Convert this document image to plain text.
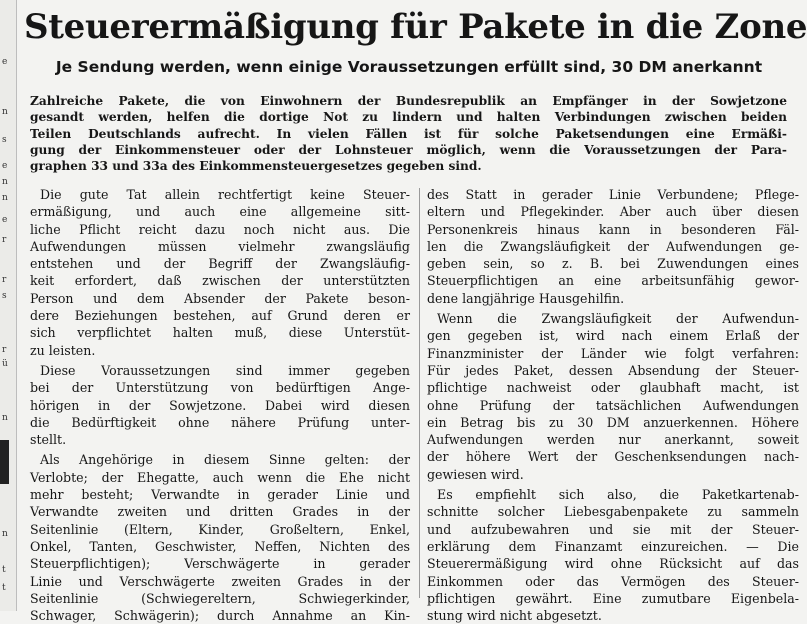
e
n
s
e
n
n
e
r
r
s
r
ü
n
n
t
t
Steuerermäßigung für Pakete in die Zone
Je Sendung werden, wenn einige Voraussetzungen erfüllt sind, 30 DM anerkannt
Zahlreiche Pakete, die von Einwohnern der Bundesrepublik an Empfänger in der Sowjetzone
gesandt werden, helfen die dortige Not zu lindern und halten Verbindungen zwischen beiden
Teilen Deutschlands aufrecht. In vielen Fällen ist für solche Paketsendungen eine Ermäßi-
gung der Einkommensteuer oder der Lohnsteuer möglich, wenn die Voraussetzungen der Para-
graphen 33 und 33a des Einkommensteuergesetzes gegeben sind.
Die gute Tat allein rechtfertigt keine Steuer-
ermäßigung, und auch eine allgemeine sitt-
liche Pflicht reicht dazu noch nicht aus. Die
Aufwendungen müssen vielmehr zwangsläufig
entstehen und der Begriff der Zwangsläufig-
keit erfordert, daß zwischen der unterstützten
Person und dem Absender der Pakete beson-
dere Beziehungen bestehen, auf Grund deren er
sich verpflichtet halten muß, diese Unterstüt-
zu leisten.
Diese Voraussetzungen sind immer gegeben
bei der Unterstützung von bedürftigen Ange-
hörigen in der Sowjetzone. Dabei wird diesen
die Bedürftigkeit ohne nähere Prüfung unter-
stellt.
Als Angehörige in diesem Sinne gelten: der
Verlobte; der Ehegatte, auch wenn die Ehe nicht
mehr besteht; Verwandte in gerader Linie und
Verwandte zweiten und dritten Grades in der
Seitenlinie (Eltern, Kinder, Großeltern, Enkel,
Onkel, Tanten, Geschwister, Neffen, Nichten des
Steuerpflichtigen); Verschwägerte in gerader
Linie und Verschwägerte zweiten Grades in der
Seitenlinie (Schwiegereltern, Schwiegerkinder,
Schwager, Schwägerin); durch Annahme an Kin-
des Statt in gerader Linie Verbundene; Pflege-
eltern und Pflegekinder. Aber auch über diesen
Personenkreis hinaus kann in besonderen Fäl-
len die Zwangsläufigkeit der Aufwendungen ge-
geben sein, so z. B. bei Zuwendungen eines
Steuerpflichtigen an eine arbeitsunfähig gewor-
dene langjährige Hausgehilfin.
Wenn die Zwangsläufigkeit der Aufwendun-
gen gegeben ist, wird nach einem Erlaß der
Finanzminister der Länder wie folgt verfahren:
Für jedes Paket, dessen Absendung der Steuer-
pflichtige nachweist oder glaubhaft macht, ist
ohne Prüfung der tatsächlichen Aufwendungen
ein Betrag bis zu 30 DM anzuerkennen. Höhere
Aufwendungen werden nur anerkannt, soweit
der höhere Wert der Geschenksendungen nach-
gewiesen wird.
Es empfiehlt sich also, die Paketkartenab-
schnitte solcher Liebesgabenpakete zu sammeln
und aufzubewahren und sie mit der Steuer-
erklärung dem Finanzamt einzureichen. — Die
Steuerermäßigung wird ohne Rücksicht auf das
Einkommen oder das Vermögen des Steuer-
pflichtigen gewährt. Eine zumutbare Eigenbela-
stung wird nicht abgesetzt.
